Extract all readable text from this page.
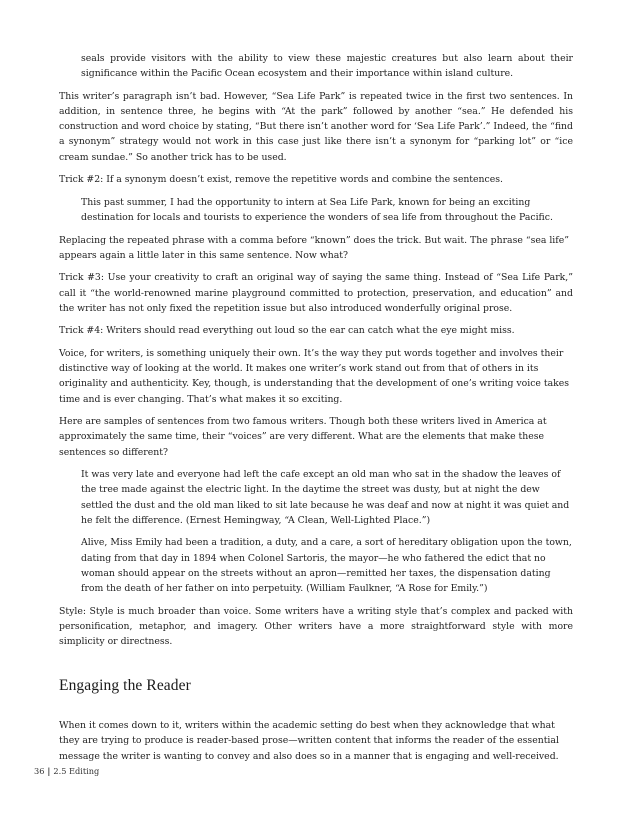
seals provide visitors with the ability to view these majestic creatures but also learn about their significance within the Pacific Ocean ecosystem and their importance within island culture.

This writer’s paragraph isn’t bad. However, “Sea Life Park” is repeated twice in the first two sentences. In addition, in sentence three, he begins with “At the park” followed by another “sea.” He defended his construction and word choice by stating, “But there isn’t another word for ‘Sea Life Park’.” Indeed, the “find a synonym” strategy would not work in this case just like there isn’t a synonym for “parking lot” or “ice cream sundae.” So another trick has to be used.

Trick #2: If a synonym doesn’t exist, remove the repetitive words and combine the sentences.

This past summer, I had the opportunity to intern at Sea Life Park, known for being an exciting destination for locals and tourists to experience the wonders of sea life from throughout the Pacific.

Replacing the repeated phrase with a comma before “known” does the trick. But wait. The phrase “sea life” appears again a little later in this same sentence. Now what?

Trick #3: Use your creativity to craft an original way of saying the same thing. Instead of “Sea Life Park,” call it “the world-renowned marine playground committed to protection, preservation, and education” and the writer has not only fixed the repetition issue but also introduced wonderfully original prose.

Trick #4: Writers should read everything out loud so the ear can catch what the eye might miss.

Voice, for writers, is something uniquely their own. It’s the way they put words together and involves their distinctive way of looking at the world. It makes one writer’s work stand out from that of others in its originality and authenticity. Key, though, is understanding that the development of one’s writing voice takes time and is ever changing. That’s what makes it so exciting.

Here are samples of sentences from two famous writers. Though both these writers lived in America at approximately the same time, their “voices” are very different. What are the elements that make these sentences so different?

It was very late and everyone had left the cafe except an old man who sat in the shadow the leaves of the tree made against the electric light. In the daytime the street was dusty, but at night the dew settled the dust and the old man liked to sit late because he was deaf and now at night it was quiet and he felt the difference. (Ernest Hemingway, “A Clean, Well-Lighted Place.”)

Alive, Miss Emily had been a tradition, a duty, and a care, a sort of hereditary obligation upon the town, dating from that day in 1894 when Colonel Sartoris, the mayor—he who fathered the edict that no woman should appear on the streets without an apron—remitted her taxes, the dispensation dating from the death of her father on into perpetuity. (William Faulkner, “A Rose for Emily.”)

Style: Style is much broader than voice. Some writers have a writing style that’s complex and packed with personification, metaphor, and imagery. Other writers have a more straightforward style with more simplicity or directness.

Engaging the Reader

When it comes down to it, writers within the academic setting do best when they acknowledge that what they are trying to produce is reader-based prose—written content that informs the reader of the essential message the writer is wanting to convey and also does so in a manner that is engaging and well-received.

36 | 2.5 Editing
